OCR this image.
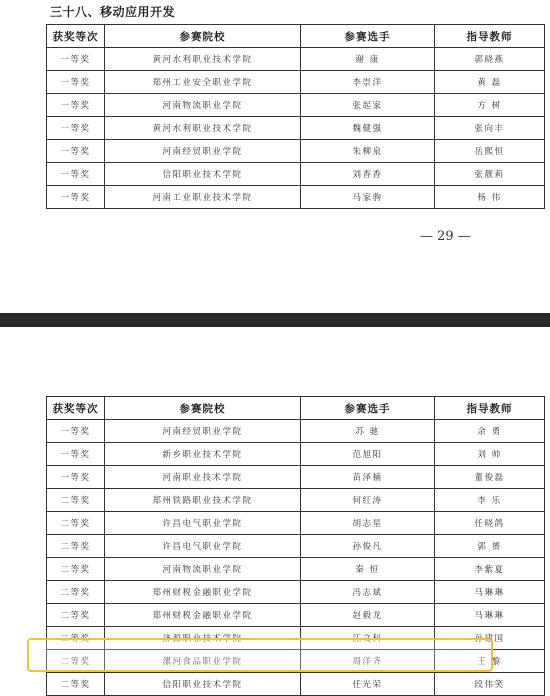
三十八、移动应用开发
获奖等次	参赛院校	参赛选手	指导教师
一等奖	黄河水利职业技术学院	谢 康	郭晓燕
一等奖	郑州工业安全职业学院	李崇洋	黄 磊
一等奖	河南物流职业学院	张起家	方 树
一等奖	黄河水利职业技术学院	魏健强	张向丰
一等奖	河南经贸职业学院	朱柳泉	岳熙恒
一等奖	信阳职业技术学院	刘香香	张靓莉
一等奖	河南工业职业技术学院	马家驹	杨 伟
— 29 —
获奖等次	参赛院校	参赛选手	指导教师
一等奖	河南经贸职业学院	苏 驰	余 勇
一等奖	新乡职业技术学院	范旭阳	刘 帅
一等奖	河南职业技术学院	苗泽楠	董俊磊
二等奖	郑州铁路职业技术学院	何红涛	李 乐
二等奖	许昌电气职业学院	胡志星	任晓鸽
二等奖	许昌电气职业学院	孙俊凡	郭 赟
二等奖	河南物流职业学院	秦 恒	李紫夏
二等奖	郑州财税金融职业学院	冯志斌	马琳琳
二等奖	郑州财税金融职业学院	赵毅龙	马琳琳
二等奖	济源职业技术学院	江文科	孙建国
二等奖	漯河食品职业学院	周洋齐	王 黎
二等奖	信阳职业技术学院	任光荣	段伟笑
